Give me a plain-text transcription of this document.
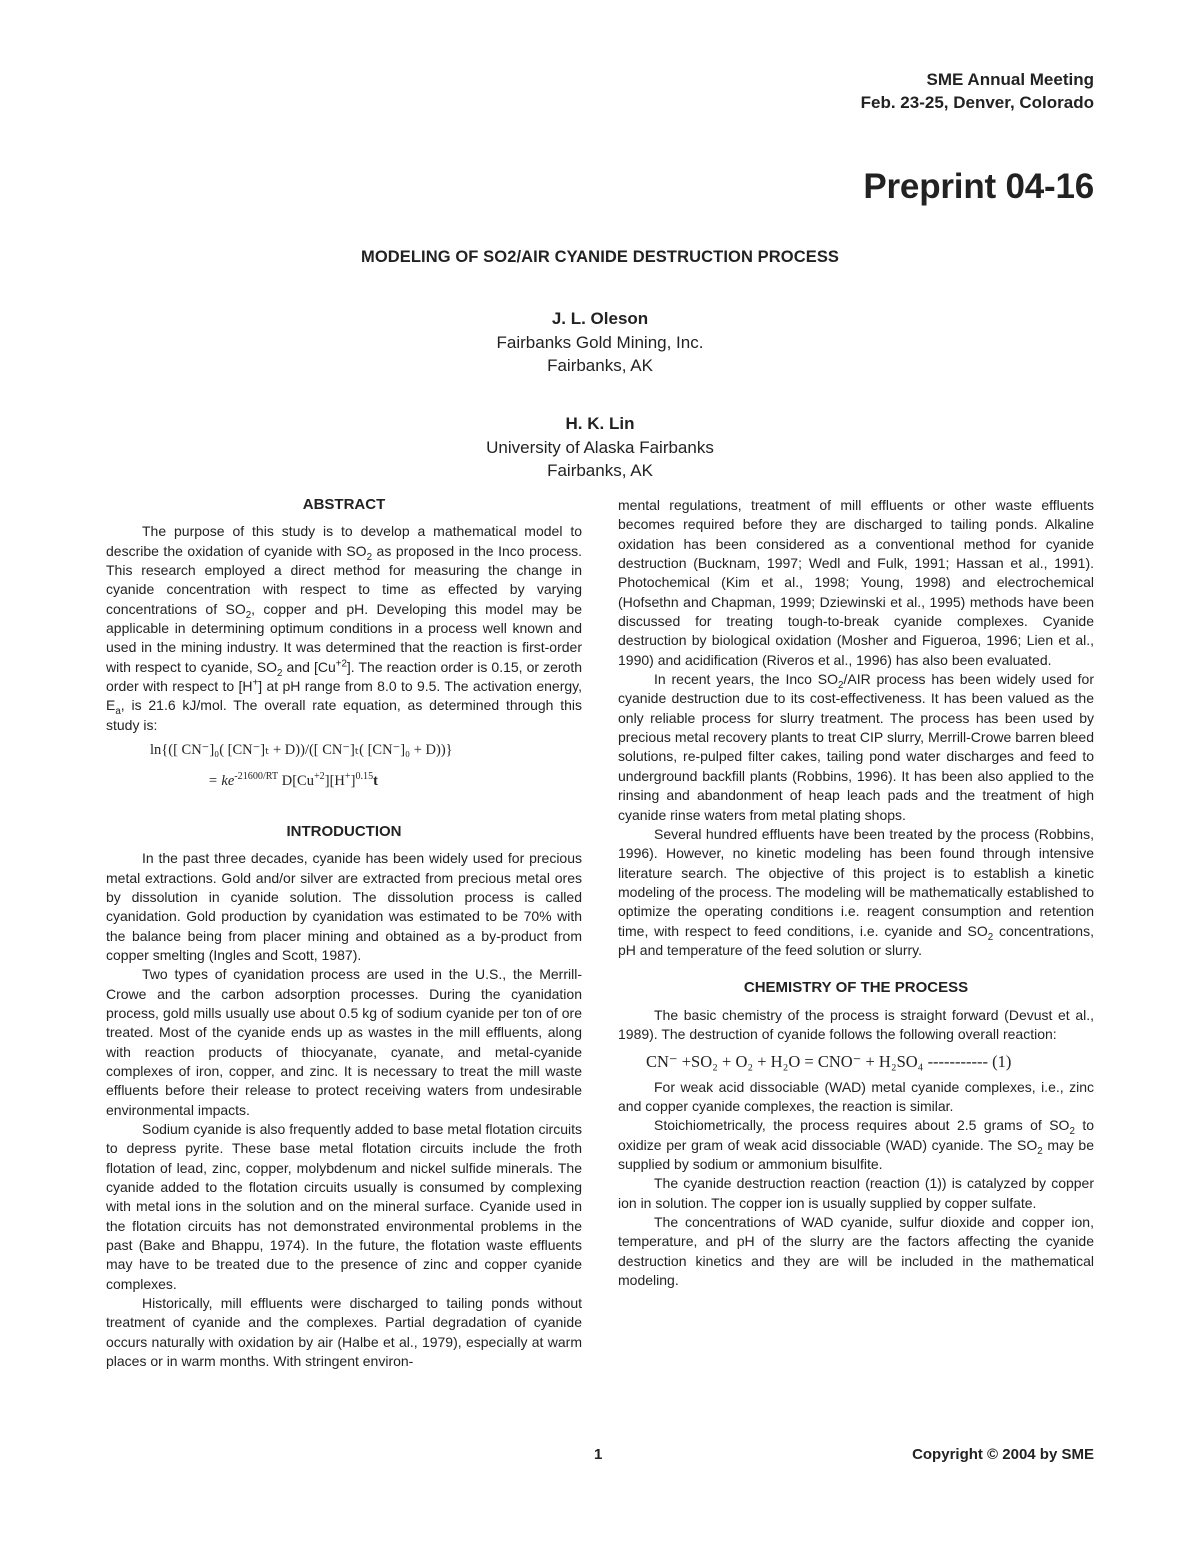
SME Annual Meeting
Feb. 23-25, Denver, Colorado
Preprint 04-16
MODELING OF SO2/AIR CYANIDE DESTRUCTION PROCESS
J. L. Oleson
Fairbanks Gold Mining, Inc.
Fairbanks, AK
H. K. Lin
University of Alaska Fairbanks
Fairbanks, AK
ABSTRACT

The purpose of this study is to develop a mathematical model to describe the oxidation of cyanide with $SO_2$ as proposed in the Inco process. This research employed a direct method for measuring the change in cyanide concentration with respect to time as effected by varying concentrations of $SO_2$, copper and pH. Developing this model may be applicable in determining optimum conditions in a process well known and used in the mining industry. It was determined that the reaction is first-order with respect to cyanide, $SO_2$ and $[Cu^{+2}]$. The reaction order is 0.15, or zeroth order with respect to [H+] at pH range from 8.0 to 9.5. The activation energy, $E_a$, is 21.6 kJ/mol. The overall rate equation, as determined through this study is:

ln{([ CN⁻]₀( [CN⁻]ₜ + D))/([ CN⁻]ₜ( [CN⁻]₀ + D))}
= $ke^{-21600/RT}$ $D[Cu^{+2}][H^+]^{0.15}t$
INTRODUCTION

In the past three decades, cyanide has been widely used for precious metal extractions. Gold and/or silver are extracted from precious metal ores by dissolution in cyanide solution. The dissolution process is called cyanidation. Gold production by cyanidation was estimated to be 70% with the balance being from placer mining and obtained as a by-product from copper smelting (Ingles and Scott, 1987).

Two types of cyanidation process are used in the U.S., the Merrill-Crowe and the carbon adsorption processes. During the cyanidation process, gold mills usually use about 0.5 kg of sodium cyanide per ton of ore treated. Most of the cyanide ends up as wastes in the mill effluents, along with reaction products of thiocyanate, cyanate, and metal-cyanide complexes of iron, copper, and zinc. It is necessary to treat the mill waste effluents before their release to protect receiving waters from undesirable environmental impacts.

Sodium cyanide is also frequently added to base metal flotation circuits to depress pyrite. These base metal flotation circuits include the froth flotation of lead, zinc, copper, molybdenum and nickel sulfide minerals. The cyanide added to the flotation circuits usually is consumed by complexing with metal ions in the solution and on the mineral surface. Cyanide used in the flotation circuits has not demonstrated environmental problems in the past (Bake and Bhappu, 1974). In the future, the flotation waste effluents may have to be treated due to the presence of zinc and copper cyanide complexes.

Historically, mill effluents were discharged to tailing ponds without treatment of cyanide and the complexes. Partial degradation of cyanide occurs naturally with oxidation by air (Halbe et al., 1979), especially at warm places or in warm months. With stringent environ-

mental regulations, treatment of mill effluents or other waste effluents becomes required before they are discharged to tailing ponds. Alkaline oxidation has been considered as a conventional method for cyanide destruction (Bucknam, 1997; Wedl and Fulk, 1991; Hassan et al., 1991). Photochemical (Kim et al., 1998; Young, 1998) and electrochemical (Hofsethn and Chapman, 1999; Dziewinski et al., 1995) methods have been discussed for treating tough-to-break cyanide complexes. Cyanide destruction by biological oxidation (Mosher and Figueroa, 1996; Lien et al., 1990) and acidification (Riveros et al., 1996) has also been evaluated.

In recent years, the Inco $SO_2$/AIR process has been widely used for cyanide destruction due to its cost-effectiveness. It has been valued as the only reliable process for slurry treatment. The process has been used by precious metal recovery plants to treat CIP slurry, Merrill-Crowe barren bleed solutions, re-pulped filter cakes, tailing pond water discharges and feed to underground backfill plants (Robbins, 1996). It has been also applied to the rinsing and abandonment of heap leach pads and the treatment of high cyanide rinse waters from metal plating shops.

Several hundred effluents have been treated by the process (Robbins, 1996). However, no kinetic modeling has been found through intensive literature search. The objective of this project is to establish a kinetic modeling of the process. The modeling will be mathematically established to optimize the operating conditions i.e. reagent consumption and retention time, with respect to feed conditions, i.e. cyanide and $SO_2$ concentrations, pH and temperature of the feed solution or slurry.

CHEMISTRY OF THE PROCESS

The basic chemistry of the process is straight forward (Devust et al., 1989). The destruction of cyanide follows the following overall reaction:

CN⁻ +SO₂ + O₂ + H₂O = CNO⁻ + H₂SO₄ ----------- (1)

For weak acid dissociable (WAD) metal cyanide complexes, i.e., zinc and copper cyanide complexes, the reaction is similar.

Stoichiometrically, the process requires about 2.5 grams of $SO_2$ to oxidize per gram of weak acid dissociable (WAD) cyanide. The $SO_2$ may be supplied by sodium or ammonium bisulfite.

The cyanide destruction reaction (reaction (1)) is catalyzed by copper ion in solution. The copper ion is usually supplied by copper sulfate.

The concentrations of WAD cyanide, sulfur dioxide and copper ion, temperature, and pH of the slurry are the factors affecting the cyanide destruction kinetics and they are will be included in the mathematical modeling.

1	Copyright © 2004 by SME
